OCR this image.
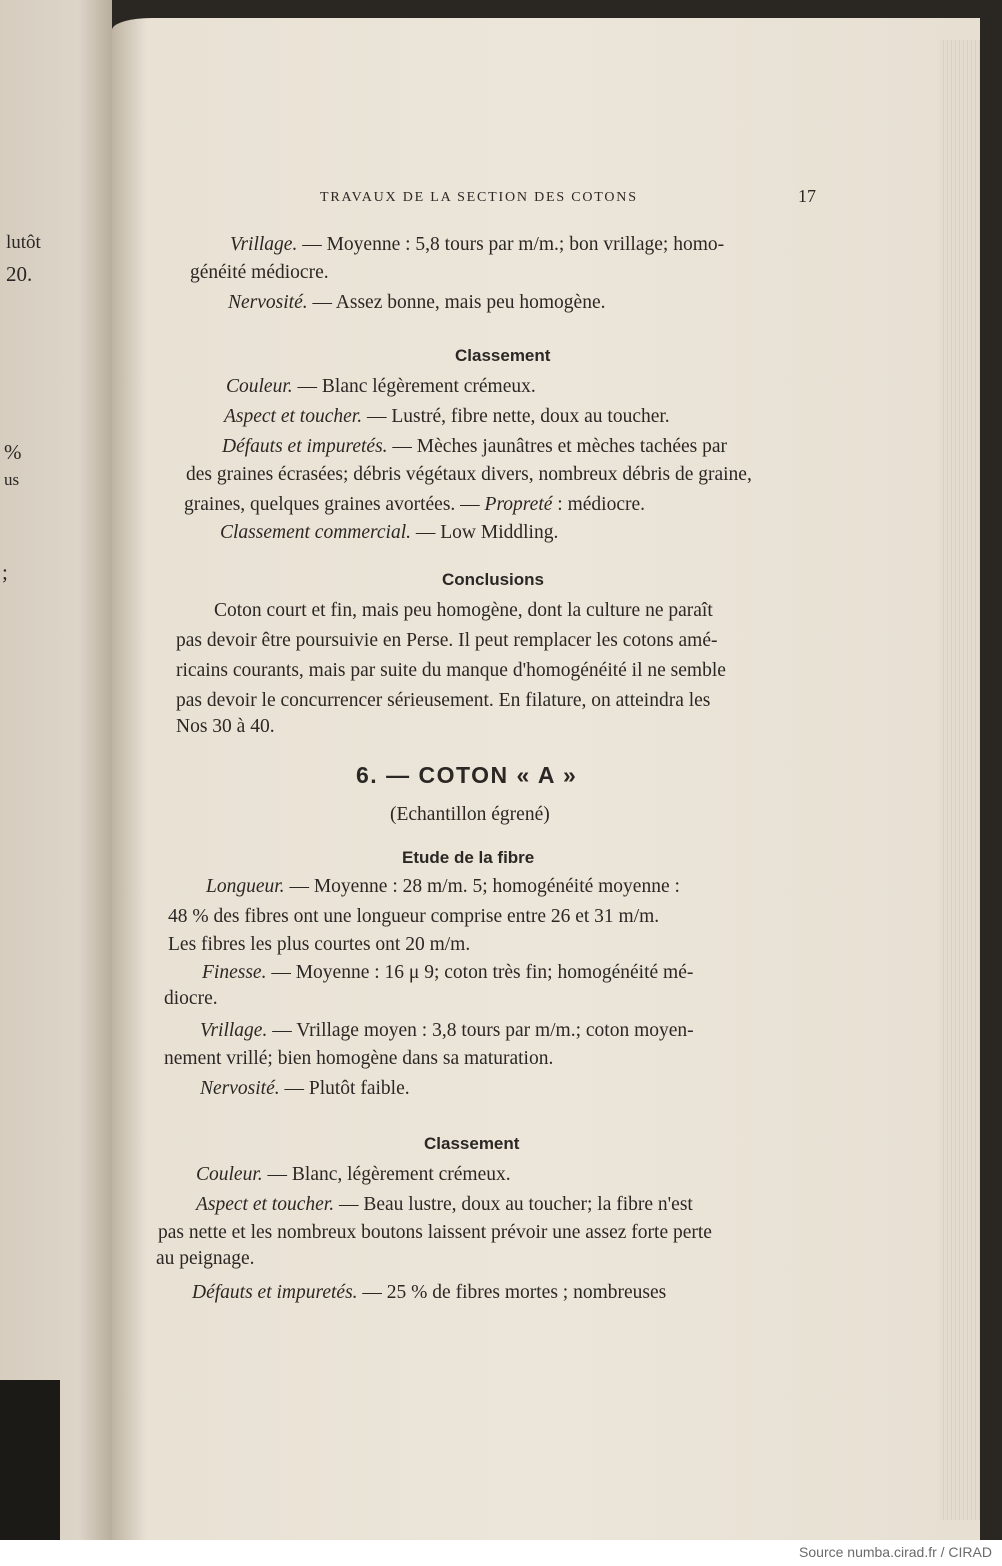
lutôt
20.
%
us
;
TRAVAUX DE LA SECTION DES COTONS	17
Vrillage. — Moyenne : 5,8 tours par m/m.; bon vrillage; homo-
généité médiocre.
Nervosité. — Assez bonne, mais peu homogène.
Classement
Couleur. — Blanc légèrement crémeux.
Aspect et toucher. — Lustré, fibre nette, doux au toucher.
Défauts et impuretés. — Mèches jaunâtres et mèches tachées par
des graines écrasées; débris végétaux divers, nombreux débris de graine,
graines, quelques graines avortées. — Propreté : médiocre.
Classement commercial. — Low Middling.
Conclusions
Coton court et fin, mais peu homogène, dont la culture ne paraît
pas devoir être poursuivie en Perse. Il peut remplacer les cotons amé-
ricains courants, mais par suite du manque d'homogénéité il ne semble
pas devoir le concurrencer sérieusement. En filature, on atteindra les
Nos 30 à 40.
6. — COTON « A »
(Echantillon égrené)
Etude de la fibre
Longueur. — Moyenne : 28 m/m. 5; homogénéité moyenne :
48 % des fibres ont une longueur comprise entre 26 et 31 m/m.
Les fibres les plus courtes ont 20 m/m.
Finesse. — Moyenne : 16 μ 9; coton très fin; homogénéité mé-
diocre.
Vrillage. — Vrillage moyen : 3,8 tours par m/m.; coton moyen-
nement vrillé; bien homogène dans sa maturation.
Nervosité. — Plutôt faible.
Classement
Couleur. — Blanc, légèrement crémeux.
Aspect et toucher. — Beau lustre, doux au toucher; la fibre n'est
pas nette et les nombreux boutons laissent prévoir une assez forte perte
au peignage.
Défauts et impuretés. — 25 % de fibres mortes ; nombreuses
Source numba.cirad.fr / CIRAD
